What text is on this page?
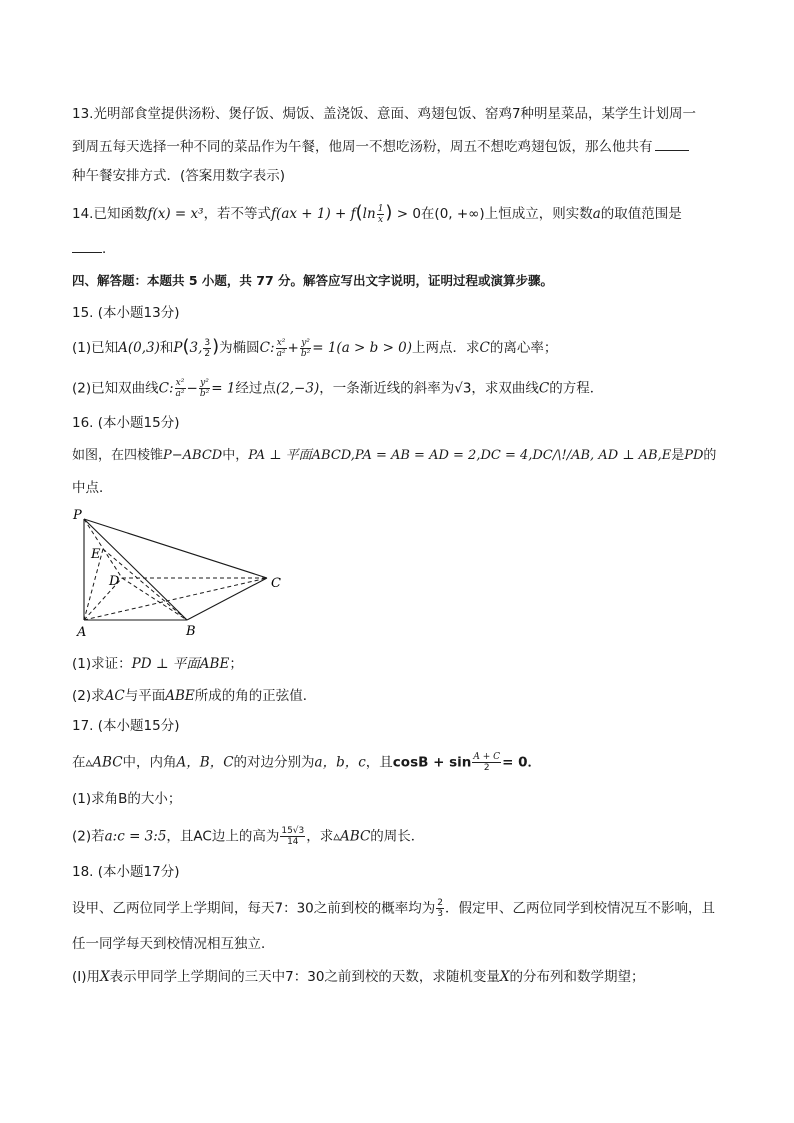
13.光明部食堂提供汤粉、煲仔饭、焗饭、盖浇饭、意面、鸡翅包饭、窑鸡7种明星菜品，某学生计划周一
到周五每天选择一种不同的菜品作为午餐，他周一不想吃汤粉，周五不想吃鸡翅包饭，那么他共有
种午餐安排方式．(答案用数字表示)
14.已知函数f(x) = x³，若不等式$f(ax + 1) + f(\ln \frac{1}{x}$ ) > 0在(0, +∞)上恒成立，则实数a的取值范围是
．
四、解答题：本题共 5 小题，共 77 分。解答应写出文字说明，证明过程或演算步骤。
15. (本小题13分)
(1)已知A(0,3)和P(3, $\frac{3}{2}$ )为椭圆C: $\frac{\text{x²}}{\text{a²}} + \frac{\text{y²}}{\text{b²}} = 1(a > b > 0)$上两点．求C的离心率；
(2)已知双曲线C: $\frac{\text{x²}}{\text{a²}} - \frac{\text{y²}}{\text{b²}} = 1$经过点(2,−3)，一条渐近线的斜率为√3，求双曲线C的方程．
16. (本小题15分)
如图，在四棱锥P−ABCD中，PA ⊥ 平面ABCD,PA = AB = AD = 2,DC = 4,DC/\!/AB, AD ⊥ AB,E是PD的
中点．
P
E
D	C
A	B
(1)求证：PD ⊥ 平面ABE；
(2)求AC与平面ABE所成的角的正弦值．
17. (本小题15分)
在▵ABC中，内角A，B，C的对边分别为a，b，c，且$\cos B + \sin \frac{A + C}{2} = 0$．
(1)求角B的大小；
(2)若a:c = 3:5，且AC边上的高为 $\frac{15√3}{14}$ ，求▵ABC的周长．
18. (本小题17分)
设甲、乙两位同学上学期间，每天7：30之前到校的概率均为 $\frac{2}{3}$ ．假定甲、乙两位同学到校情况互不影响，且
任一同学每天到校情况相互独立．
(Ⅰ)用X表示甲同学上学期间的三天中7：30之前到校的天数，求随机变量X的分布列和数学期望；
